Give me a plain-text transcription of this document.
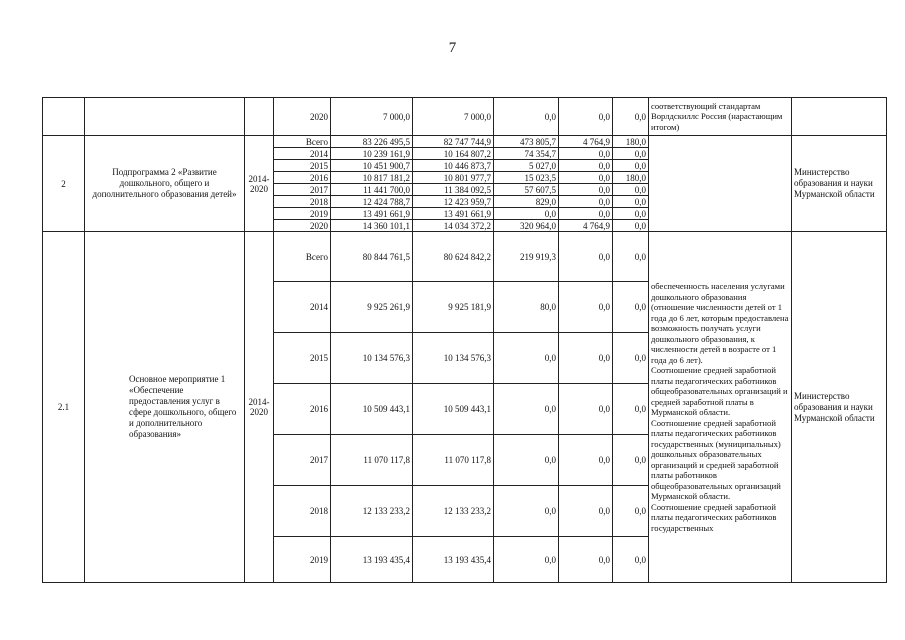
7
			2020	7 000,0	7 000,0	0,0	0,0	0,0	соответствующий стандартам Ворлдскиллс Россия (нарастающим итогом)	
2	Подпрограмма 2 «Развитие дошкольного, общего и дополнительного образования детей»	2014-2020	Всего	83 226 495,5	82 747 744,9	473 805,7	4 764,9	180,0		Министерство образования и науки Мурманской области
			2014	10 239 161,9	10 164 807,2	74 354,7	0,0	0,0		
			2015	10 451 900,7	10 446 873,7	5 027,0	0,0	0,0		
			2016	10 817 181,2	10 801 977,7	15 023,5	0,0	180,0		
			2017	11 441 700,0	11 384 092,5	57 607,5	0,0	0,0		
			2018	12 424 788,7	12 423 959,7	829,0	0,0	0,0		
			2019	13 491 661,9	13 491 661,9	0,0	0,0	0,0		
			2020	14 360 101,1	14 034 372,2	320 964,0	4 764,9	0,0		
2.1	Основное мероприятие 1 «Обеспечение предоставления услуг в сфере дошкольного, общего и дополнительного образования»	2014-2020	Всего	80 844 761,5	80 624 842,2	219 919,3	0,0	0,0	обеспеченность населения услугами дошкольного образования (отношение численности детей от 1 года до 6 лет, которым предоставлена возможность получать услуги дошкольного образования, к численности детей в возрасте от 1 года до 6 лет).
Соотношение средней заработной платы педагогических работников общеобразовательных организаций и средней заработной платы в Мурманской области.
Соотношение средней заработной платы педагогических работников государственных (муниципальных) дошкольных образовательных организаций и средней заработной платы работников общеобразовательных организаций Мурманской области.
Соотношение средней заработной платы педагогических работников государственных	Министерство образования и науки Мурманской области
			2014	9 925 261,9	9 925 181,9	80,0	0,0	0,0		
			2015	10 134 576,3	10 134 576,3	0,0	0,0	0,0		
			2016	10 509 443,1	10 509 443,1	0,0	0,0	0,0		
			2017	11 070 117,8	11 070 117,8	0,0	0,0	0,0		
			2018	12 133 233,2	12 133 233,2	0,0	0,0	0,0		
			2019	13 193 435,4	13 193 435,4	0,0	0,0	0,0		
